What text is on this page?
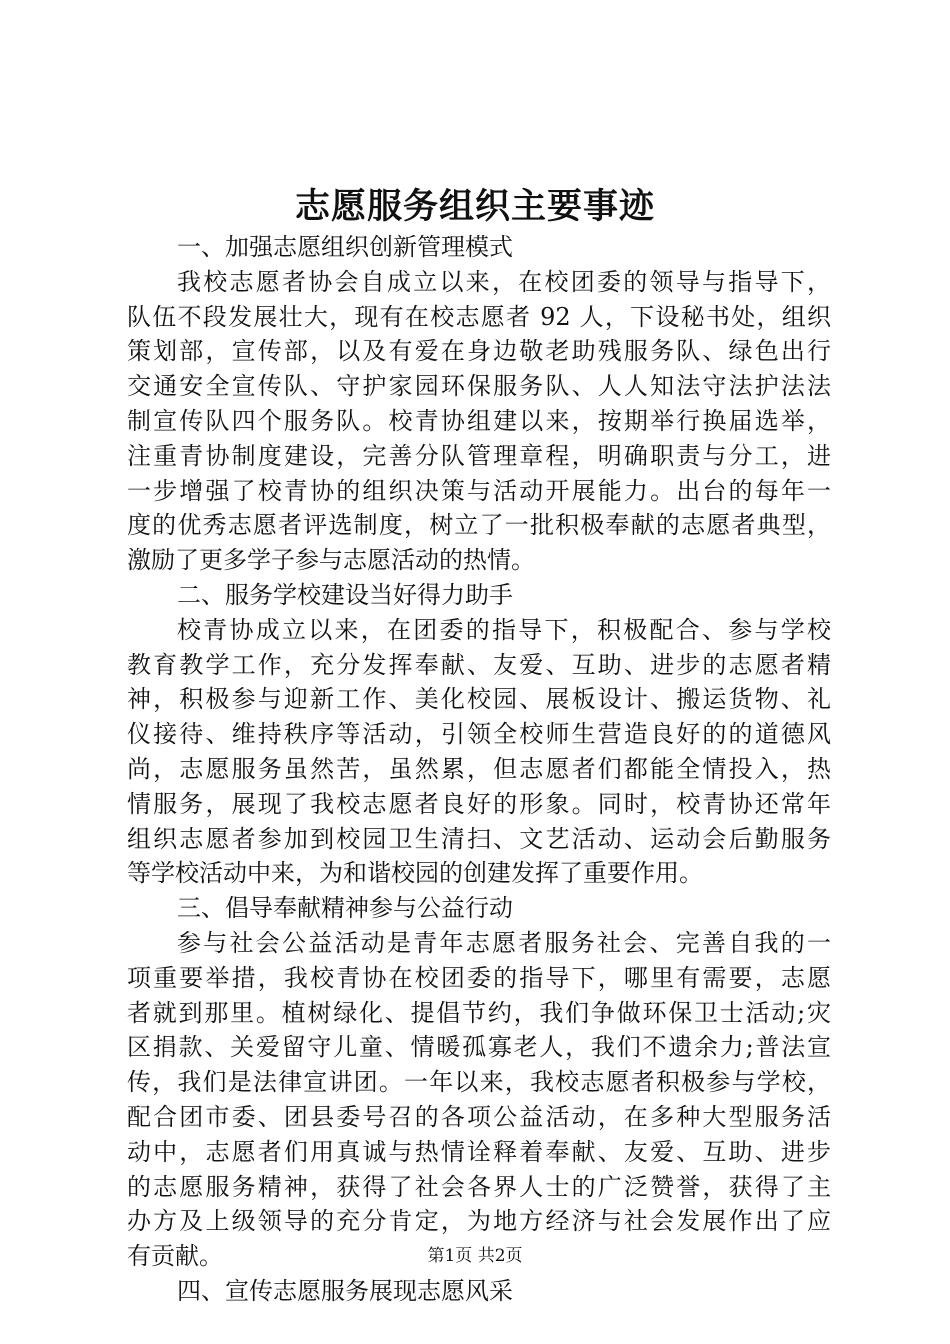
志愿服务组织主要事迹
一、加强志愿组织创新管理模式
我校志愿者协会自成立以来，在校团委的领导与指导下，
队伍不段发展壮大，现有在校志愿者 92 人，下设秘书处，组织
策划部，宣传部，以及有爱在身边敬老助残服务队、绿色出行
交通安全宣传队、守护家园环保服务队、人人知法守法护法法
制宣传队四个服务队。校青协组建以来，按期举行换届选举，
注重青协制度建设，完善分队管理章程，明确职责与分工，进
一步增强了校青协的组织决策与活动开展能力。出台的每年一
度的优秀志愿者评选制度，树立了一批积极奉献的志愿者典型，
激励了更多学子参与志愿活动的热情。
二、服务学校建设当好得力助手
校青协成立以来，在团委的指导下，积极配合、参与学校
教育教学工作，充分发挥奉献、友爱、互助、进步的志愿者精
神，积极参与迎新工作、美化校园、展板设计、搬运货物、礼
仪接待、维持秩序等活动，引领全校师生营造良好的的道德风
尚，志愿服务虽然苦，虽然累，但志愿者们都能全情投入，热
情服务，展现了我校志愿者良好的形象。同时，校青协还常年
组织志愿者参加到校园卫生清扫、文艺活动、运动会后勤服务
等学校活动中来，为和谐校园的创建发挥了重要作用。
三、倡导奉献精神参与公益行动
参与社会公益活动是青年志愿者服务社会、完善自我的一
项重要举措，我校青协在校团委的指导下，哪里有需要，志愿
者就到那里。植树绿化、提倡节约，我们争做环保卫士活动;灾
区捐款、关爱留守儿童、情暖孤寡老人，我们不遗余力;普法宣
传，我们是法律宣讲团。一年以来，我校志愿者积极参与学校，
配合团市委、团县委号召的各项公益活动，在多种大型服务活
动中，志愿者们用真诚与热情诠释着奉献、友爱、互助、进步
的志愿服务精神，获得了社会各界人士的广泛赞誉，获得了主
办方及上级领导的充分肯定，为地方经济与社会发展作出了应
有贡献。
四、宣传志愿服务展现志愿风采
第1页 共2页
